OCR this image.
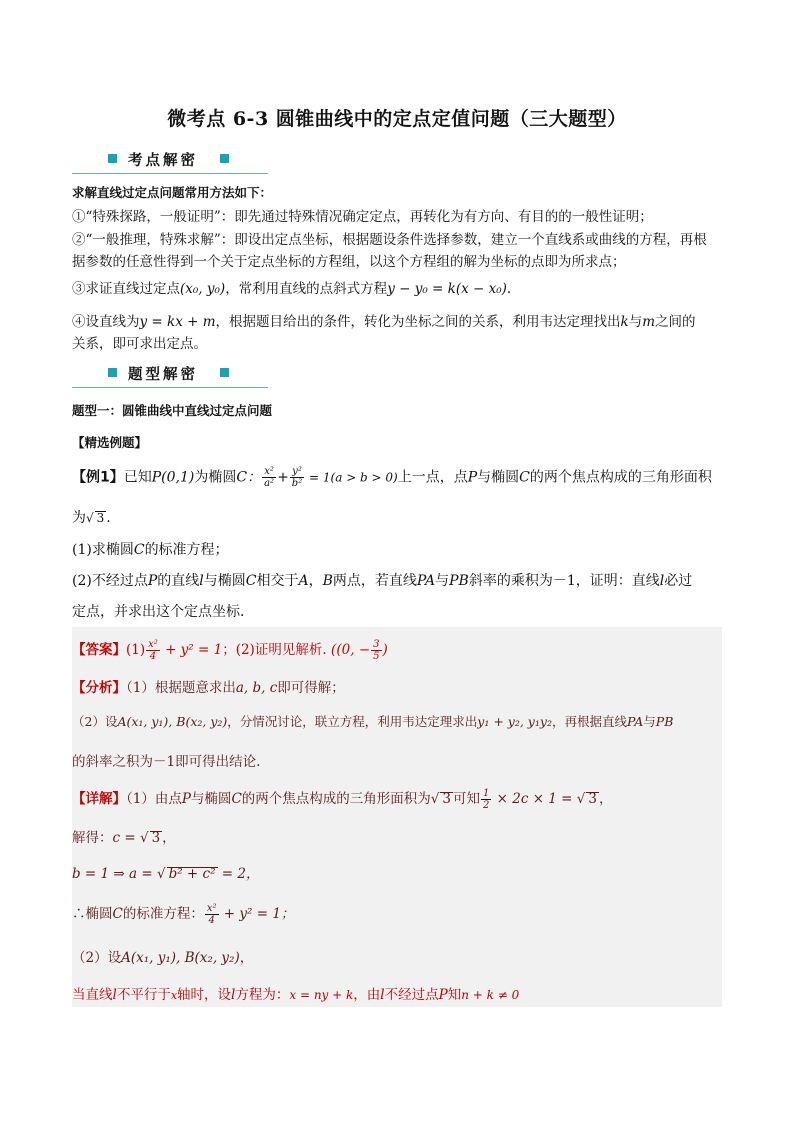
微考点 6-3 圆锥曲线中的定点定值问题（三大题型）
考点解密
求解直线过定点问题常用方法如下：
①“特殊探路，一般证明”：即先通过特殊情况确定定点，再转化为有方向、有目的的一般性证明；
②“一般推理，特殊求解”：即设出定点坐标，根据题设条件选择参数，建立一个直线系或曲线的方程，再根
据参数的任意性得到一个关于定点坐标的方程组，以这个方程组的解为坐标的点即为所求点；
③求证直线过定点(x₀, y₀)，常利用直线的点斜式方程y − y₀ = k(x − x₀).
④设直线为y = kx + m，根据题目给出的条件，转化为坐标之间的关系，利用韦达定理找出k与m之间的
关系，即可求出定点。
题型解密
题型一：圆锥曲线中直线过定点问题
【精选例题】
【例1】已知P(0,1)为椭圆C： $\frac{\text{x²}}{\text{a²}} + \frac{\text{y²}}{\text{b²}} = 1(a > b > 0)$上一点，点P与椭圆C的两个焦点构成的三角形面积
为√ 3 .
(1)求椭圆C的标准方程；
(2)不经过点P的直线l与椭圆C相交于A，B两点，若直线PA与PB斜率的乘积为－1，证明：直线l必过
定点，并求出这个定点坐标．
【答案】$(1) \frac{\text{x²}}{4} + y^2 = 1$；(2)证明见解析. ((0, − $\frac{3}{5}$ )
【分析】（1）根据题意求出a, b, c即可得解；
（2）设A(x₁, y₁), B(x₂, y₂)，分情况讨论，联立方程，利用韦达定理求出y₁ + y₂, y₁y₂，再根据直线PA与PB
的斜率之积为－1即可得出结论.
【详解】（1）由点P与椭圆C的两个焦点构成的三角形面积为√ 3 可知 $\frac{1}{2} \times 2c \times 1$ = √ 3 ，
解得：c = √ 3 ，
b = 1 ⇒ a = √ b² + c² = 2，
∴椭圆C的标准方程： $\frac{\text{x²}}{4} + y^2 = 1$；
（2）设A(x₁, y₁), B(x₂, y₂)，
当直线l不平行于x轴时，设l方程为：x = ny + k，由l不经过点P知n + k ≠ 0
